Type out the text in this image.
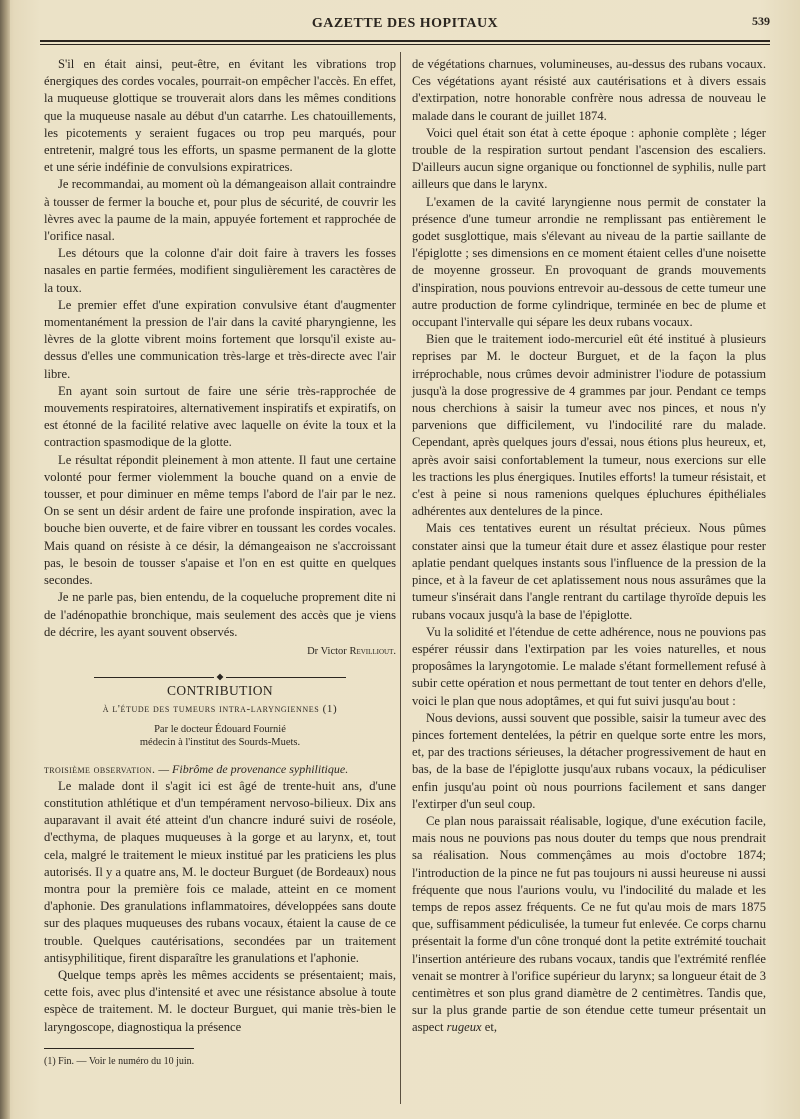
GAZETTE DES HOPITAUX	539

S'il en était ainsi, peut-être, en évitant les vibrations trop énergiques des cordes vocales, pourrait-on empêcher l'accès. En effet, la muqueuse glottique se trouverait alors dans les mêmes conditions que la muqueuse nasale au début d'un catarrhe. Les chatouillements, les picotements y seraient fugaces ou trop peu marqués, pour entretenir, malgré tous les efforts, un spasme permanent de la glotte et une série indéfinie de convulsions expiratrices.

Je recommandai, au moment où la démangeaison allait contraindre à tousser de fermer la bouche et, pour plus de sécurité, de couvrir les lèvres avec la paume de la main, appuyée fortement et rapprochée de l'orifice nasal.

Les détours que la colonne d'air doit faire à travers les fosses nasales en partie fermées, modifient singulièrement les caractères de la toux.

Le premier effet d'une expiration convulsive étant d'augmenter momentanément la pression de l'air dans la cavité pharyngienne, les lèvres de la glotte vibrent moins fortement que lorsqu'il existe au-dessus d'elles une communication très-large et très-directe avec l'air libre.

En ayant soin surtout de faire une série très-rapprochée de mouvements respiratoires, alternativement inspiratifs et expiratifs, on est étonné de la facilité relative avec laquelle on évite la toux et la contraction spasmodique de la glotte.

Le résultat répondit pleinement à mon attente. Il faut une certaine volonté pour fermer violemment la bouche quand on a envie de tousser, et pour diminuer en même temps l'abord de l'air par le nez. On se sent un désir ardent de faire une profonde inspiration, avec la bouche bien ouverte, et de faire vibrer en toussant les cordes vocales. Mais quand on résiste à ce désir, la démangeaison ne s'accroissant pas, le besoin de tousser s'apaise et l'on en est quitte en quelques secondes.

Je ne parle pas, bien entendu, de la coqueluche proprement dite ni de l'adénopathie bronchique, mais seulement des accès que je viens de décrire, les ayant souvent observés.

Dr Victor Revilliout.
CONTRIBUTION
à l'étude des tumeurs intra-laryngiennes (1)
Par le docteur Édouard Fournié
médecin à l'institut des Sourds-Muets.

troisième observation. — Fibrôme de provenance syphilitique.

Le malade dont il s'agit ici est âgé de trente-huit ans, d'une constitution athlétique et d'un tempérament nervoso-bilieux. Dix ans auparavant il avait été atteint d'un chancre induré suivi de roséole, d'ecthyma, de plaques muqueuses à la gorge et au larynx, et, tout cela, malgré le traitement le mieux institué par les praticiens les plus autorisés. Il y a quatre ans, M. le docteur Burguet (de Bordeaux) nous montra pour la première fois ce malade, atteint en ce moment d'aphonie. Des granulations inflammatoires, développées sans doute sur des plaques muqueuses des rubans vocaux, étaient la cause de ce trouble. Quelques cautérisations, secondées par un traitement antisyphilitique, firent disparaître les granulations et l'aphonie.

Quelque temps après les mêmes accidents se présentaient; mais, cette fois, avec plus d'intensité et avec une résistance absolue à toute espèce de traitement. M. le docteur Burguet, qui manie très-bien le laryngoscope, diagnostiqua la présence

(1) Fin. — Voir le numéro du 10 juin.

de végétations charnues, volumineuses, au-dessus des rubans vocaux. Ces végétations ayant résisté aux cautérisations et à divers essais d'extirpation, notre honorable confrère nous adressa de nouveau le malade dans le courant de juillet 1874.

Voici quel était son état à cette époque : aphonie complète ; léger trouble de la respiration surtout pendant l'ascension des escaliers. D'ailleurs aucun signe organique ou fonctionnel de syphilis, nulle part ailleurs que dans le larynx.

L'examen de la cavité laryngienne nous permit de constater la présence d'une tumeur arrondie ne remplissant pas entièrement le godet susglottique, mais s'élevant au niveau de la partie saillante de l'épiglotte ; ses dimensions en ce moment étaient celles d'une noisette de moyenne grosseur. En provoquant de grands mouvements d'inspiration, nous pouvions entrevoir au-dessous de cette tumeur une autre production de forme cylindrique, terminée en bec de plume et occupant l'intervalle qui sépare les deux rubans vocaux.

Bien que le traitement iodo-mercuriel eût été institué à plusieurs reprises par M. le docteur Burguet, et de la façon la plus irréprochable, nous crûmes devoir administrer l'iodure de potassium jusqu'à la dose progressive de 4 grammes par jour. Pendant ce temps nous cherchions à saisir la tumeur avec nos pinces, et nous n'y parvenions que difficilement, vu l'indocilité rare du malade. Cependant, après quelques jours d'essai, nous étions plus heureux, et, après avoir saisi confortablement la tumeur, nous exercions sur elle les tractions les plus énergiques. Inutiles efforts! la tumeur résistait, et c'est à peine si nous ramenions quelques épluchures épithéliales adhérentes aux dentelures de la pince.

Mais ces tentatives eurent un résultat précieux. Nous pûmes constater ainsi que la tumeur était dure et assez élastique pour rester aplatie pendant quelques instants sous l'influence de la pression de la pince, et à la faveur de cet aplatissement nous nous assurâmes que la tumeur s'insérait dans l'angle rentrant du cartilage thyroïde depuis les rubans vocaux jusqu'à la base de l'épiglotte.

Vu la solidité et l'étendue de cette adhérence, nous ne pouvions pas espérer réussir dans l'extirpation par les voies naturelles, et nous proposâmes la laryngotomie. Le malade s'étant formellement refusé à subir cette opération et nous permettant de tout tenter en dehors d'elle, voici le plan que nous adoptâmes, et qui fut suivi jusqu'au bout :

Nous devions, aussi souvent que possible, saisir la tumeur avec des pinces fortement dentelées, la pétrir en quelque sorte entre les mors, et, par des tractions sérieuses, la détacher progressivement de haut en bas, de la base de l'épiglotte jusqu'aux rubans vocaux, la pédiculiser enfin jusqu'au point où nous pourrions facilement et sans danger l'extirper d'un seul coup.

Ce plan nous paraissait réalisable, logique, d'une exécution facile, mais nous ne pouvions pas nous douter du temps que nous prendrait sa réalisation. Nous commençâmes au mois d'octobre 1874; l'introduction de la pince ne fut pas toujours ni aussi heureuse ni aussi fréquente que nous l'aurions voulu, vu l'indocilité du malade et les temps de repos assez fréquents. Ce ne fut qu'au mois de mars 1875 que, suffisamment pédiculisée, la tumeur fut enlevée. Ce corps charnu présentait la forme d'un cône tronqué dont la petite extrémité touchait l'insertion antérieure des rubans vocaux, tandis que l'extrémité renflée venait se montrer à l'orifice supérieur du larynx; sa longueur était de 3 centimètres et son plus grand diamètre de 2 centimètres. Tandis que, sur la plus grande partie de son étendue cette tumeur présentait un aspect rugeux et,
